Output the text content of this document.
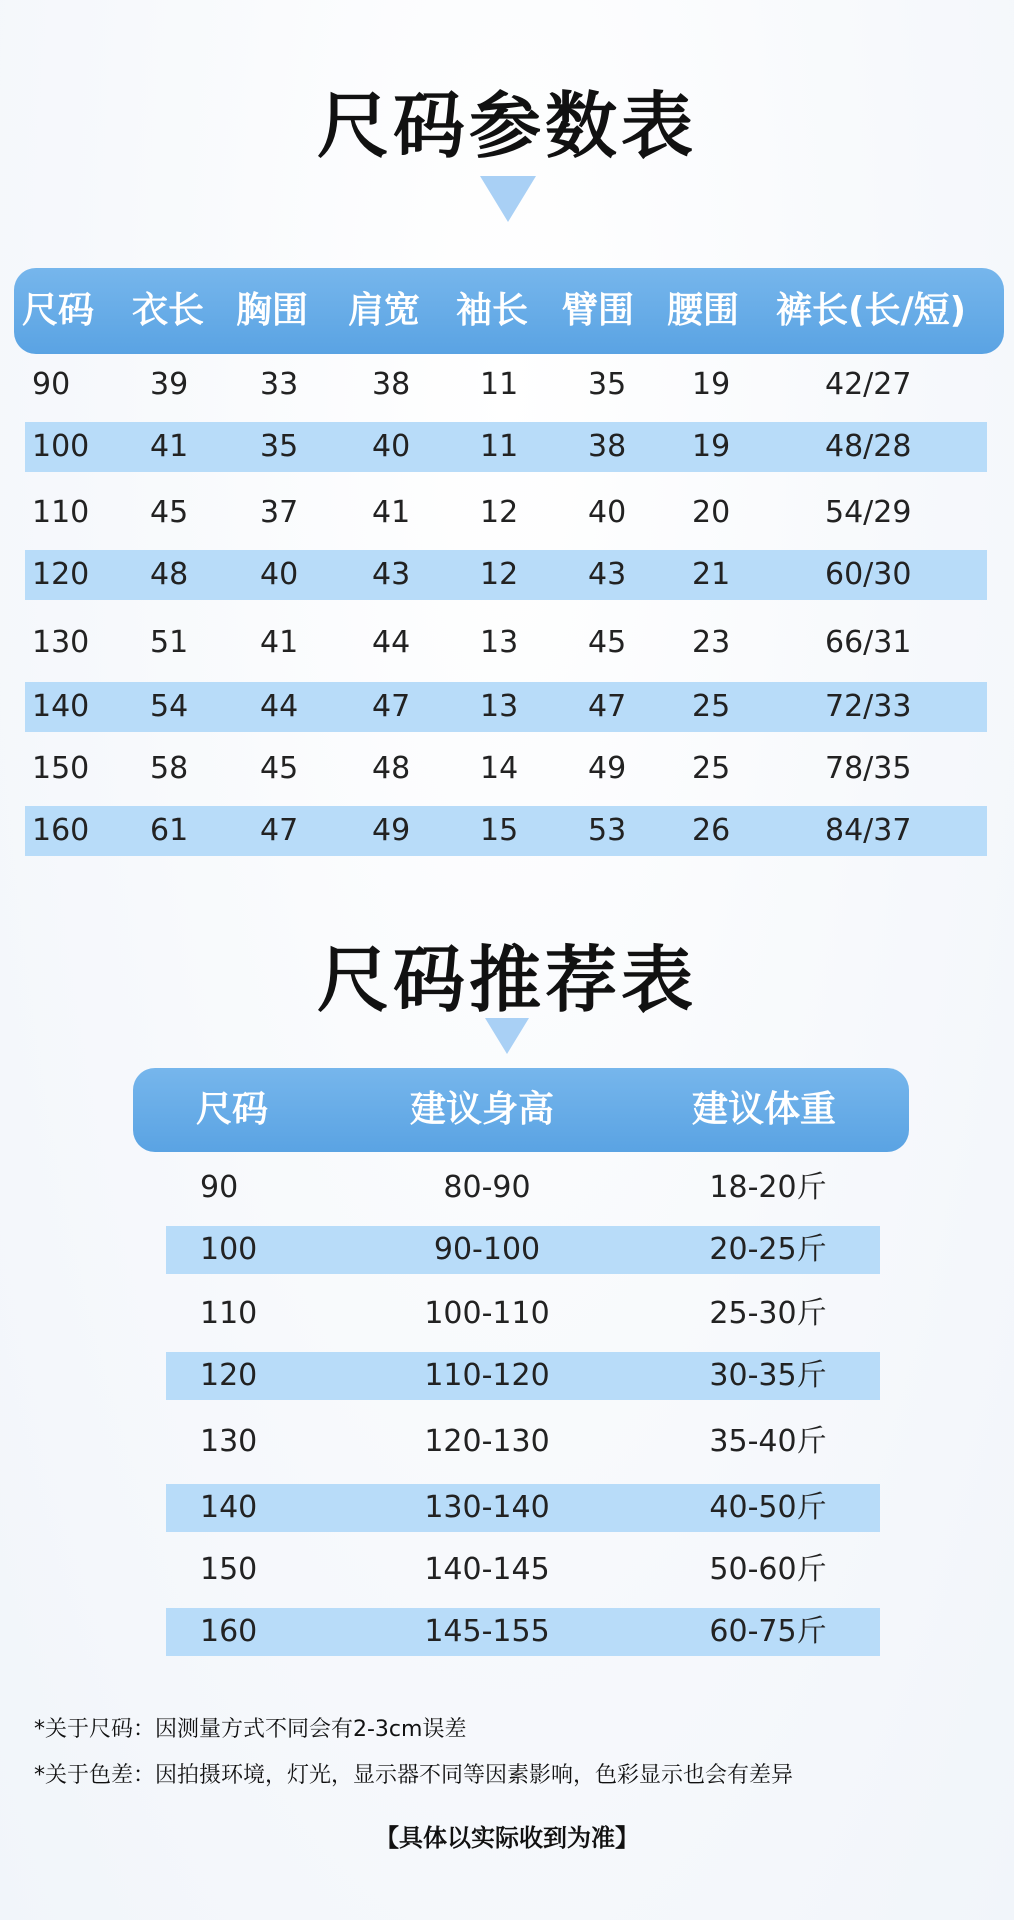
尺码参数表
尺码 衣长 胸围 肩宽 袖长 臂围 腰围 裤长(长/短)
90	39 33 38 11 35 19	42/27
100 41 35 40 11 38 19	48/28
110 45 37 41 12 40 20	54/29
120 48 40 43 12 43 21	60/30
130 51 41 44 13 45 23	66/31
140 54 44 47 13 47 25	72/33
150 58 45 48 14 49 25	78/35
160 61 47 49 15 53 26	84/37
尺码推荐表
尺码	建议身高	建议体重
90	80-90	18-20斤
100	90-100	20-25斤
110	100-110	25-30斤
120	110-120	30-35斤
130	120-130	35-40斤
140	130-140	40-50斤
150	140-145	50-60斤
160	145-155	60-75斤
*关于尺码：因测量方式不同会有2-3cm误差
*关于色差：因拍摄环境，灯光，显示器不同等因素影响，色彩显示也会有差异
【具体以实际收到为准】
